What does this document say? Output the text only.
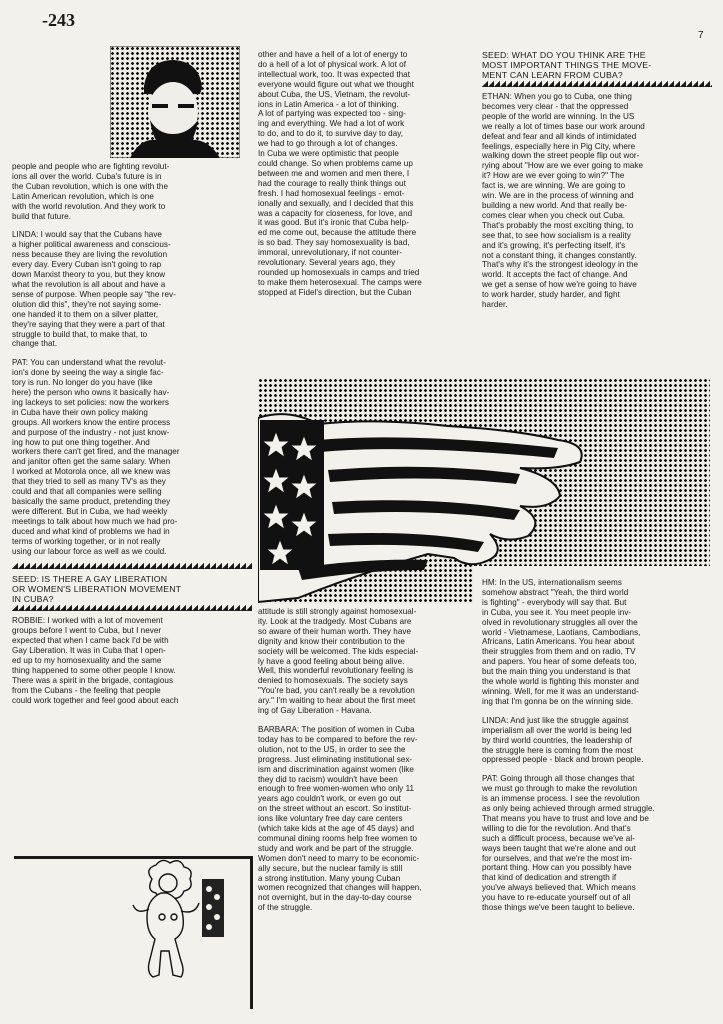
-243
7

people and people who are fighting revolut-

ions all over the world. Cuba's future is in

the Cuban revolution, which is one with the

Latin American revolution, which is one

with the world revolution. And they work to

build that future.

LINDA: I would say that the Cubans have

a higher political awareness and conscious-

ness because they are living the revolution

every day. Every Cuban isn't going to rap

down Marxist theory to you, but they know

what the revolution is all about and have a

sense of purpose. When people say "the rev-

olution did this", they're not saying some-

one handed it to them on a silver platter,

they're saying that they were a part of that

struggle to build that, to make that, to

change that.

PAT: You can understand what the revolut-

ion's done by seeing the way a single fac-

tory is run. No longer do you have (like

here) the person who owns it basically hav-

ing lackeys to set policies: now the workers

in Cuba have their own policy making

groups. All workers know the entire process

and purpose of the industry - not just know-

ing how to put one thing together. And

workers there can't get fired, and the manager

and janitor often get the same salary. When

I worked at Motorola once, all we knew was

that they tried to sell as many TV's as they

could and that all companies were selling

basically the same product, pretending they

were different. But in Cuba, we had weekly

meetings to talk about how much we had pro-

duced and what kind of problems we had in

terms of working together, or in not really

using our labour force as well as we could.

SEED: IS THERE A GAY LIBERATION

OR WOMEN'S LIBERATION MOVEMENT

IN CUBA?

ROBBIE: I worked with a lot of movement

groups before I went to Cuba, but I never

expected that when I came back I'd be with

Gay Liberation. It was in Cuba that I open-

ed up to my homosexuality and the same

thing happened to some other people I know.

There was a spirit in the brigade, contagious

from the Cubans - the feeling that people

could work together and feel good about each

other and have a hell of a lot of energy to

do a hell of a lot of physical work. A lot of

intellectual work, too. It was expected that

everyone would figure out what we thought

about Cuba, the US, Vietnam, the revolut-

ions in Latin America - a lot of thinking.

A lot of partying was expected too - sing-

ing and everything. We had a lot of work

to do, and to do it, to survive day to day,

we had to go through a lot of changes.

In Cuba we were optimistic that people

could change. So when problems came up

between me and women and men there, I

had the courage to really think things out

fresh. I had homosexual feelings - emot-

ionally and sexually, and I decided that this

was a capacity for closeness, for love, and

it was good. But it's ironic that Cuba help-

ed me come out, because the attitude there

is so bad. They say homosexuality is bad,

immoral, unrevolutionary, if not counter-

revolutionary. Several years ago, they

rounded up homosexuals in camps and tried

to make them heterosexual. The camps were

stopped at Fidel's direction, but the Cuban

attitude is still strongly against homosexual-

ity. Look at the tradgedy. Most Cubans are

so aware of their human worth. They have

dignity and know their contribution to the

society will be welcomed. The kids especial-

ly have a good feeling about being alive.

Well, this wonderful revolutionary feeling is

denied to homosexuals. The society says

"You're bad, you can't really be a revolution

ary." I'm waiting to hear about the first meet

ing of Gay Liberation - Havana.

BARBARA: The position of women in Cuba

today has to be compared to before the rev-

olution, not to the US, in order to see the

progress. Just eliminating institutional sex-

ism and discrimination against women (like

they did to racism) wouldn't have been

enough to free women-women who only 11

years ago couldn't work, or even go out

on the street without an escort. So institut-

ions like voluntary free day care centers

(which take kids at the age of 45 days) and

communal dining rooms help free women to

study and work and be part of the struggle.

Women don't need to marry to be economic-

ally secure, but the nuclear family is still

a strong institution. Many young Cuban

women recognized that changes will happen,

not overnight, but in the day-to-day course

of the struggle.

SEED: WHAT DO YOU THINK ARE THE

MOST IMPORTANT THINGS THE MOVE-

MENT CAN LEARN FROM CUBA?

ETHAN: When you go to Cuba, one thing

becomes very clear - that the oppressed

people of the world are winning. In the US

we really a lot of times base our work around

defeat and fear and all kinds of intimidated

feelings, especially here in Pig City, where

walking down the street people flip out wor-

rying about "How are we ever going to make

it? How are we ever going to win?" The

fact is, we are winning. We are going to

win. We are in the process of winning and

building a new world. And that really be-

comes clear when you check out Cuba.

That's probably the most exciting thing, to

see that, to see how socialism is a reality

and it's growing, it's perfecting itself, it's

not a constant thing, it changes constantly.

That's why it's the strongest ideology in the

world. It accepts the fact of change. And

we get a sense of how we're going to have

to work harder, study harder, and fight

harder.

HM: In the US, internationalism seems

somehow abstract "Yeah, the third world

is fighting" - everybody will say that. But

in Cuba, you see it. You meet people inv-

olved in revolutionary struggles all over the

world - Vietnamese, Laotians, Cambodians,

Africans, Latin Americans. You hear about

their struggles from them and on radio, TV

and papers. You hear of some defeats too,

but the main thing you understand is that

the whole world is fighting this monster and

winning. Well, for me it was an understand-

ing that I'm gonna be on the winning side.

LINDA: And just like the struggle against

imperialism all over the world is being led

by third world countries, the leadership of

the struggle here is coming from the most

oppressed people - black and brown people.

PAT: Going through all those changes that

we must go through to make the revolution

is an immense process. I see the revolution

as only being achieved through armed struggle.

That means you have to trust and love and be

willing to die for the revolution. And that's

such a difficult process, because we've al-

ways been taught that we're alone and out

for ourselves, and that we're the most im-

portant thing. How can you possibly have

that kind of dedication and strength if

you've always believed that. Which means

you have to re-educate yourself out of all

those things we've been taught to believe.
